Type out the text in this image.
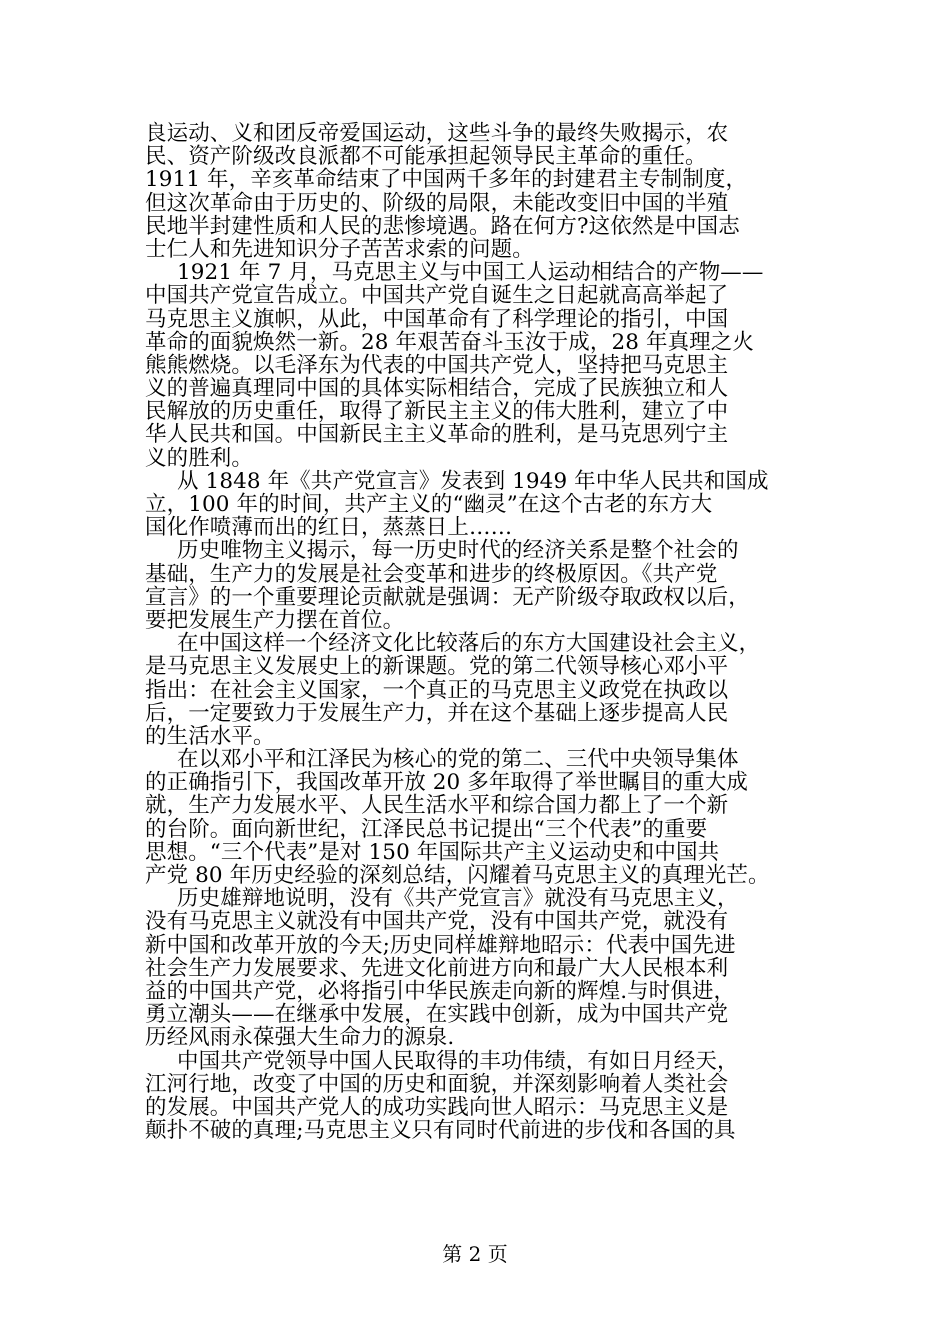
良运动、义和团反帝爱国运动，这些斗争的最终失败揭示，农
民、资产阶级改良派都不可能承担起领导民主革命的重任。
1911 年，辛亥革命结束了中国两千多年的封建君主专制制度，
但这次革命由于历史的、阶级的局限，未能改变旧中国的半殖
民地半封建性质和人民的悲惨境遇。路在何方?这依然是中国志
士仁人和先进知识分子苦苦求索的问题。
1921 年 7 月，马克思主义与中国工人运动相结合的产物——
中国共产党宣告成立。中国共产党自诞生之日起就高高举起了
马克思主义旗帜，从此，中国革命有了科学理论的指引，中国
革命的面貌焕然一新。28 年艰苦奋斗玉汝于成，28 年真理之火
熊熊燃烧。以毛泽东为代表的中国共产党人，坚持把马克思主
义的普遍真理同中国的具体实际相结合，完成了民族独立和人
民解放的历史重任，取得了新民主主义的伟大胜利，建立了中
华人民共和国。中国新民主主义革命的胜利，是马克思列宁主
义的胜利。
从 1848 年《共产党宣言》发表到 1949 年中华人民共和国成
立，100 年的时间，共产主义的“幽灵”在这个古老的东方大
国化作喷薄而出的红日，蒸蒸日上……
历史唯物主义揭示，每一历史时代的经济关系是整个社会的
基础，生产力的发展是社会变革和进步的终极原因。《共产党
宣言》的一个重要理论贡献就是强调：无产阶级夺取政权以后，
要把发展生产力摆在首位。
在中国这样一个经济文化比较落后的东方大国建设社会主义，
是马克思主义发展史上的新课题。党的第二代领导核心邓小平
指出：在社会主义国家，一个真正的马克思主义政党在执政以
后，一定要致力于发展生产力，并在这个基础上逐步提高人民
的生活水平。
在以邓小平和江泽民为核心的党的第二、三代中央领导集体
的正确指引下，我国改革开放 20 多年取得了举世瞩目的重大成
就，生产力发展水平、人民生活水平和综合国力都上了一个新
的台阶。面向新世纪，江泽民总书记提出“三个代表”的重要
思想。“三个代表”是对 150 年国际共产主义运动史和中国共
产党 80 年历史经验的深刻总结，闪耀着马克思主义的真理光芒。
历史雄辩地说明，没有《共产党宣言》就没有马克思主义，
没有马克思主义就没有中国共产党，没有中国共产党，就没有
新中国和改革开放的今天;历史同样雄辩地昭示：代表中国先进
社会生产力发展要求、先进文化前进方向和最广大人民根本利
益的中国共产党，必将指引中华民族走向新的辉煌.与时俱进，
勇立潮头——在继承中发展，在实践中创新，成为中国共产党
历经风雨永葆强大生命力的源泉.
中国共产党领导中国人民取得的丰功伟绩，有如日月经天，
江河行地，改变了中国的历史和面貌，并深刻影响着人类社会
的发展。中国共产党人的成功实践向世人昭示：马克思主义是
颠扑不破的真理;马克思主义只有同时代前进的步伐和各国的具
第 2 页
